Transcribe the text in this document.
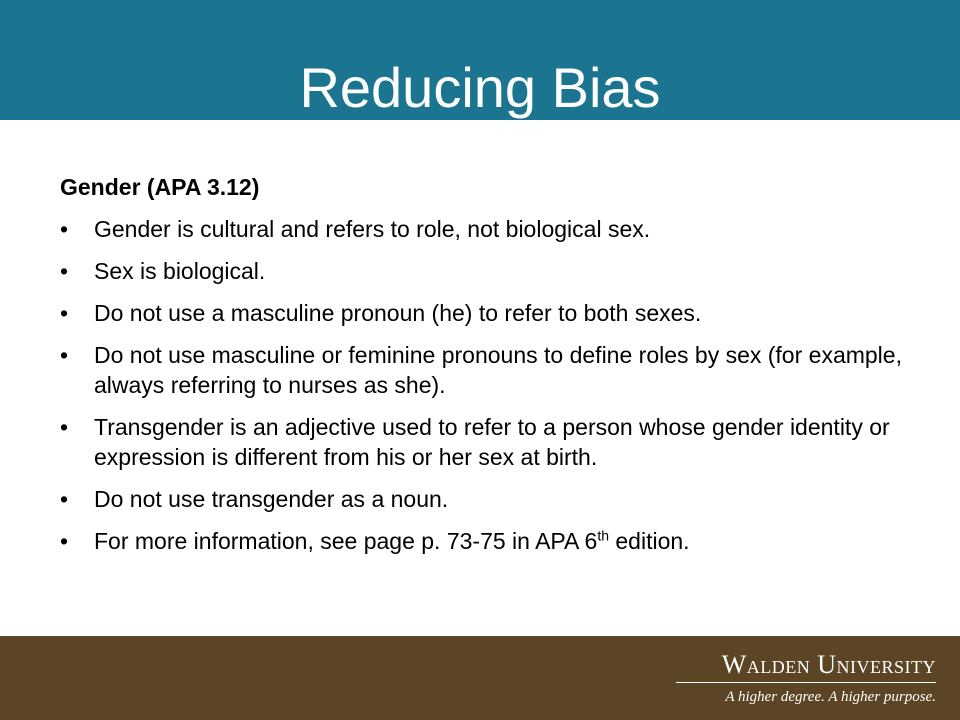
Reducing Bias
Gender (APA 3.12)
•	Gender is cultural and refers to role, not biological sex.
•	Sex is biological.
•	Do not use a masculine pronoun (he) to refer to both sexes.
•	Do not use masculine or feminine pronouns to define roles by sex (for example, always referring to nurses as she).
•	Transgender is an adjective used to refer to a person whose gender identity or expression is different from his or her sex at birth.
•	Do not use transgender as a noun.
•	For more information, see page p. 73-75 in APA 6th edition.
Walden University
A higher degree. A higher purpose.
